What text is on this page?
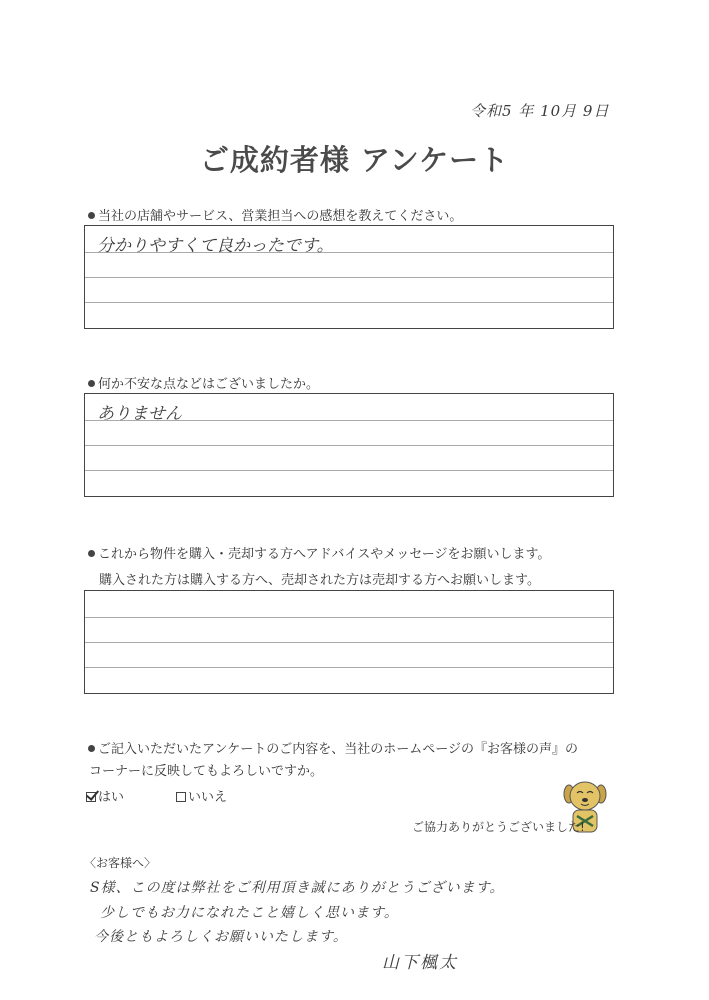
令和5 年 10月 9日
ご成約者様 アンケート
当社の店舗やサービス、営業担当への感想を教えてください。
分かりやすくて良かったです。
何か不安な点などはございましたか。
ありません
これから物件を購入・売却する方へアドバイスやメッセージをお願いします。
購入された方は購入する方へ、売却された方は売却する方へお願いします。
ご記入いただいたアンケートのご内容を、当社のホームページの『お客様の声』の
コーナーに反映してもよろしいですか。
はい	いいえ
ご協力ありがとうございました!
〈お客様へ〉
S様、この度は弊社をご利用頂き誠にありがとうございます。
少しでもお力になれたこと嬉しく思います。
今後ともよろしくお願いいたします。
山下楓太
